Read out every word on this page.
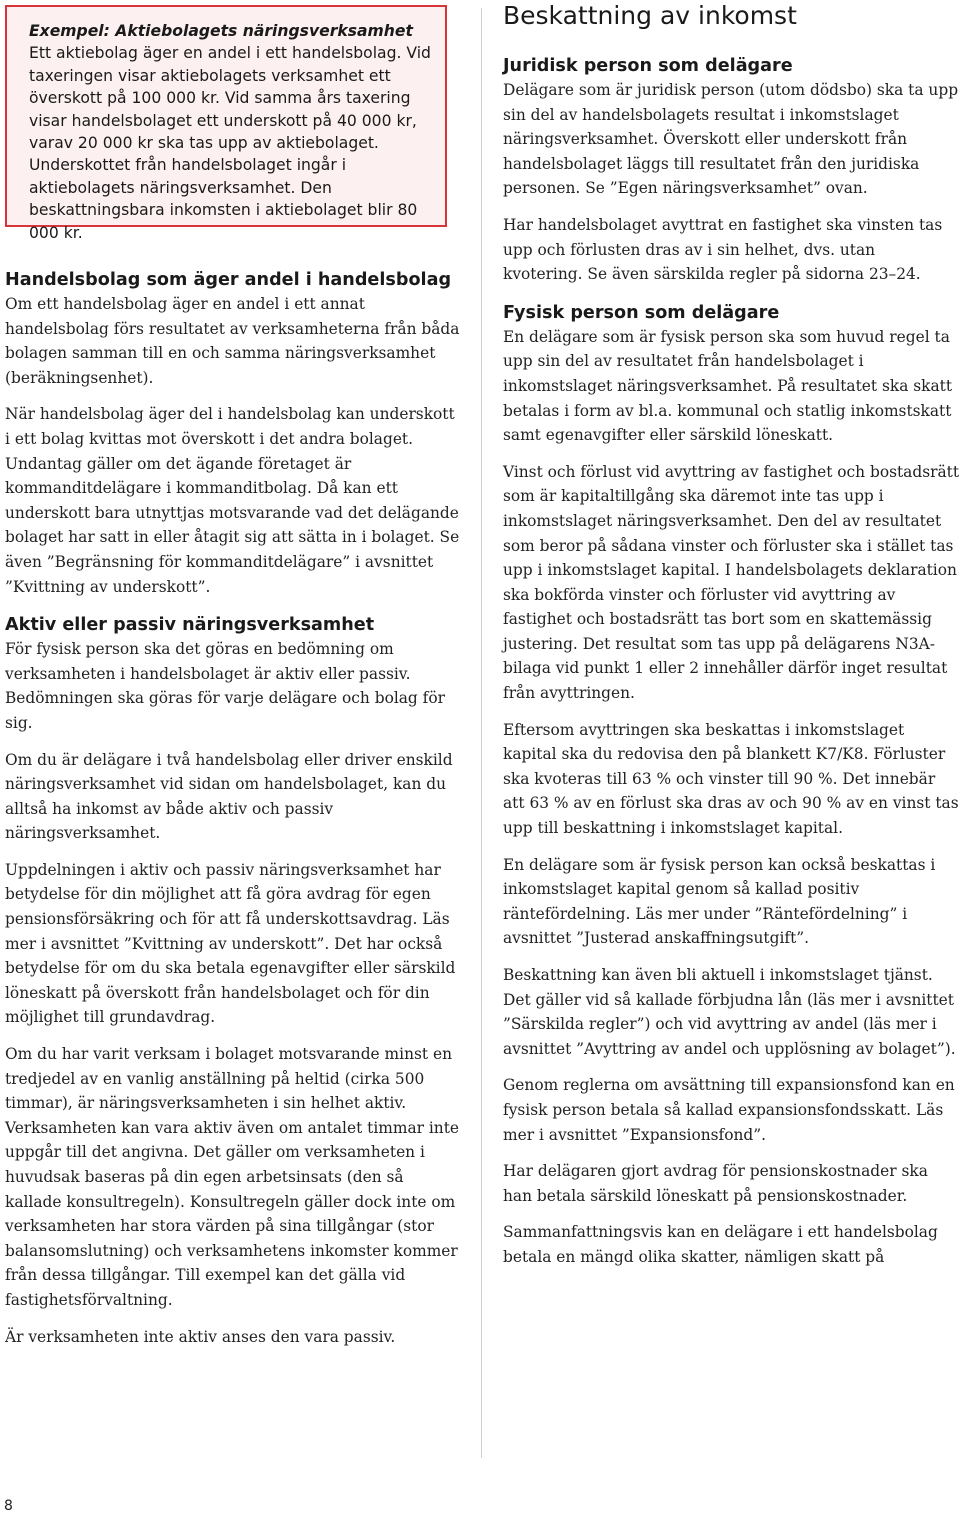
Exempel: Aktiebolagets näringsverksamhet

Ett aktiebolag äger en andel i ett handelsbolag. Vid taxeringen visar aktiebolagets verksamhet ett överskott på 100 000 kr. Vid samma års taxering visar handelsbolaget ett underskott på 40 000 kr, varav 20 000 kr ska tas upp av aktiebolaget. Underskottet från handelsbolaget ingår i aktiebolagets näringsverksamhet. Den beskattningsbara inkomsten i aktiebolaget blir 80 000 kr.

Handelsbolag som äger andel i handelsbolag

Om ett handelsbolag äger en andel i ett annat handelsbolag förs resultatet av verksamheterna från båda bolagen samman till en och samma näringsverksamhet (beräkningsenhet).

När handelsbolag äger del i handelsbolag kan underskott i ett bolag kvittas mot överskott i det andra bolaget. Undantag gäller om det ägande företaget är kommanditdelägare i kommanditbolag. Då kan ett underskott bara utnyttjas motsvarande vad det delägande bolaget har satt in eller åtagit sig att sätta in i bolaget. Se även ”Begränsning för kommanditdelägare” i avsnittet ”Kvittning av underskott”.

Aktiv eller passiv näringsverksamhet

För fysisk person ska det göras en bedömning om verksamheten i handelsbolaget är aktiv eller passiv. Bedömningen ska göras för varje delägare och bolag för sig.

Om du är delägare i två handelsbolag eller driver enskild näringsverksamhet vid sidan om handelsbolaget, kan du alltså ha inkomst av både aktiv och passiv näringsverksamhet.

Uppdelningen i aktiv och passiv näringsverksamhet har betydelse för din möjlighet att få göra avdrag för egen pensionsförsäkring och för att få underskottsavdrag. Läs mer i avsnittet ”Kvittning av underskott”. Det har också betydelse för om du ska betala egenavgifter eller särskild löneskatt på överskott från handelsbolaget och för din möjlighet till grundavdrag.

Om du har varit verksam i bolaget motsvarande minst en tredjedel av en vanlig anställning på heltid (cirka 500 timmar), är näringsverksamheten i sin helhet aktiv. Verksamheten kan vara aktiv även om antalet timmar inte uppgår till det angivna. Det gäller om verksamheten i huvudsak baseras på din egen arbetsinsats (den så kallade konsultregeln). Konsultregeln gäller dock inte om verksamheten har stora värden på sina tillgångar (stor balansomslutning) och verksamhetens inkomster kommer från dessa tillgångar. Till exempel kan det gälla vid fastighetsförvaltning.

Är verksamheten inte aktiv anses den vara passiv.

Beskattning av inkomst
Juridisk person som delägare

Delägare som är juridisk person (utom dödsbo) ska ta upp sin del av handelsbolagets resultat i inkomstslaget näringsverksamhet. Överskott eller underskott från handelsbolaget läggs till resultatet från den juridiska personen. Se ”Egen näringsverksamhet” ovan.

Har handelsbolaget avyttrat en fastighet ska vinsten tas upp och förlusten dras av i sin helhet, dvs. utan kvotering. Se även särskilda regler på sidorna 23–24.

Fysisk person som delägare

En delägare som är fysisk person ska som huvud regel ta upp sin del av resultatet från handelsbolaget i inkomstslaget näringsverksamhet. På resultatet ska skatt betalas i form av bl.a. kommunal och statlig inkomstskatt samt egenavgifter eller särskild löneskatt.

Vinst och förlust vid avyttring av fastighet och bostadsrätt som är kapitaltillgång ska däremot inte tas upp i inkomstslaget näringsverksamhet. Den del av resultatet som beror på sådana vinster och förluster ska i stället tas upp i inkomstslaget kapital. I handelsbolagets deklaration ska bokförda vinster och förluster vid avyttring av fastighet och bostadsrätt tas bort som en skattemässig justering. Det resultat som tas upp på delägarens N3A-bilaga vid punkt 1 eller 2 innehåller därför inget resultat från avyttringen.

Eftersom avyttringen ska beskattas i inkomstslaget kapital ska du redovisa den på blankett K7/K8. Förluster ska kvoteras till 63 % och vinster till 90 %. Det innebär att 63 % av en förlust ska dras av och 90 % av en vinst tas upp till beskattning i inkomstslaget kapital.

En delägare som är fysisk person kan också beskattas i inkomstslaget kapital genom så kallad positiv räntefördelning. Läs mer under ”Räntefördelning” i avsnittet ”Justerad anskaffningsutgift”.

Beskattning kan även bli aktuell i inkomstslaget tjänst. Det gäller vid så kallade förbjudna lån (läs mer i avsnittet ”Särskilda regler”) och vid avyttring av andel (läs mer i avsnittet ”Avyttring av andel och upplösning av bolaget”).

Genom reglerna om avsättning till expansionsfond kan en fysisk person betala så kallad expansionsfondsskatt. Läs mer i avsnittet ”Expansionsfond”.

Har delägaren gjort avdrag för pensionskostnader ska han betala särskild löneskatt på pensionskostnader.

Sammanfattningsvis kan en delägare i ett handelsbolag betala en mängd olika skatter, nämligen skatt på

8
